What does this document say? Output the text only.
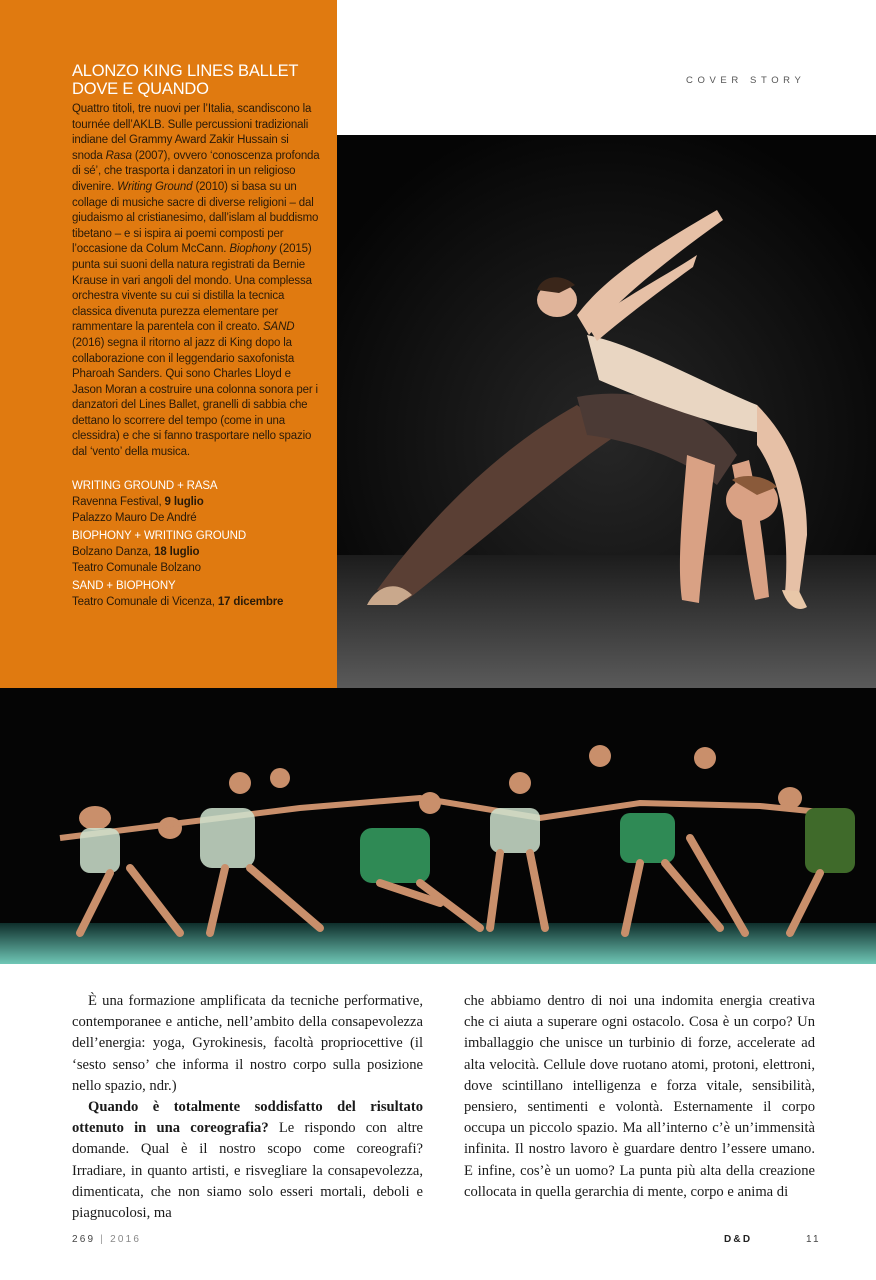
ALONZO KING LINES BALLET
DOVE E QUANDO

Quattro titoli, tre nuovi per l’Italia, scandiscono la tournée dell’AKLB. Sulle percussioni tradizionali indiane del Grammy Award Zakir Hussain si snoda Rasa (2007), ovvero ‘conoscenza profonda di sé’, che trasporta i danzatori in un religioso divenire. Writing Ground (2010) si basa su un collage di musiche sacre di diverse religioni – dal giudaismo al cristianesimo, dall’islam al buddismo tibetano – e si ispira ai poemi composti per l’occasione da Colum McCann. Biophony (2015) punta sui suoni della natura registrati da Bernie Krause in vari angoli del mondo. Una complessa orchestra vivente su cui si distilla la tecnica classica divenuta purezza elementare per rammentare la parentela con il creato. SAND (2016) segna il ritorno al jazz di King dopo la collaborazione con il leggendario saxofonista Pharoah Sanders. Qui sono Charles Lloyd e Jason Moran a costruire una colonna sonora per i danzatori del Lines Ballet, granelli di sabbia che dettano lo scorrere del tempo (come in una clessidra) e che si fanno trasportare nello spazio dal ‘vento’ della musica.

WRITING GROUND + RASA
Ravenna Festival, 9 luglio
Palazzo Mauro De André
BIOPHONY + WRITING GROUND
Bolzano Danza, 18 luglio
Teatro Comunale Bolzano
SAND + BIOPHONY
Teatro Comunale di Vicenza, 17 dicembre
COVER STORY

È una formazione amplificata da tecniche performative, contemporanee e antiche, nell’ambito della consapevolezza dell’energia: yoga, Gyrokinesis, facoltà propriocettive (il ‘sesto senso’ che informa il nostro corpo sulla posizione nello spazio, ndr.)

Quando è totalmente soddisfatto del risultato ottenuto in una coreografia? Le rispondo con altre domande. Qual è il nostro scopo come coreografi? Irradiare, in quanto artisti, e risvegliare la consapevolezza, dimenticata, che non siamo solo esseri mortali, deboli e piagnucolosi, ma

che abbiamo dentro di noi una indomita energia creativa che ci aiuta a superare ogni ostacolo. Cosa è un corpo? Un imballaggio che unisce un turbinio di forze, accelerate ad alta velocità. Cellule dove ruotano atomi, protoni, elettroni, dove scintillano intelligenza e forza vitale, sensibilità, pensiero, sentimenti e volontà. Esternamente il corpo occupa un piccolo spazio. Ma all’interno c’è un’immensità infinita. Il nostro lavoro è guardare dentro l’essere umano. E infine, cos’è un uomo? La punta più alta della creazione collocata in quella gerarchia di mente, corpo e anima di

269 | 2016	D&D	11
